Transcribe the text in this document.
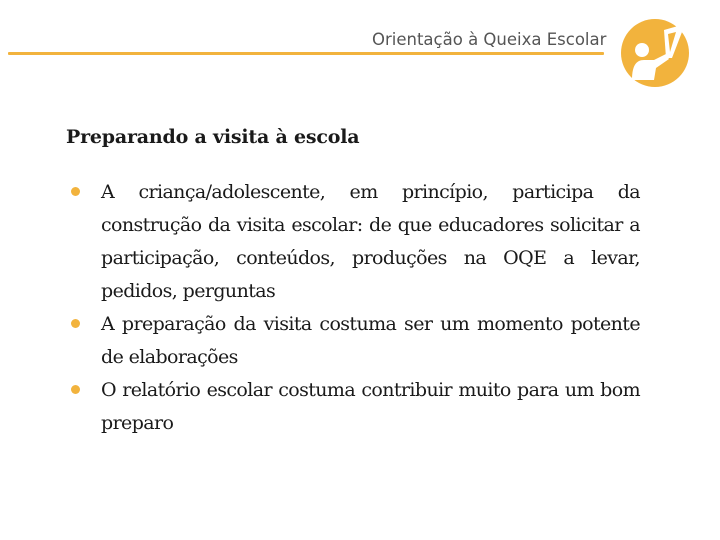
Orientação à Queixa Escolar
Preparando a visita à escola
A criança/adolescente, em princípio, participa da construção da visita escolar: de que educadores solicitar a participação, conteúdos, produções na OQE a levar, pedidos, perguntas
A preparação da visita costuma ser um momento potente de elaborações
O relatório escolar costuma contribuir muito para um bom preparo
